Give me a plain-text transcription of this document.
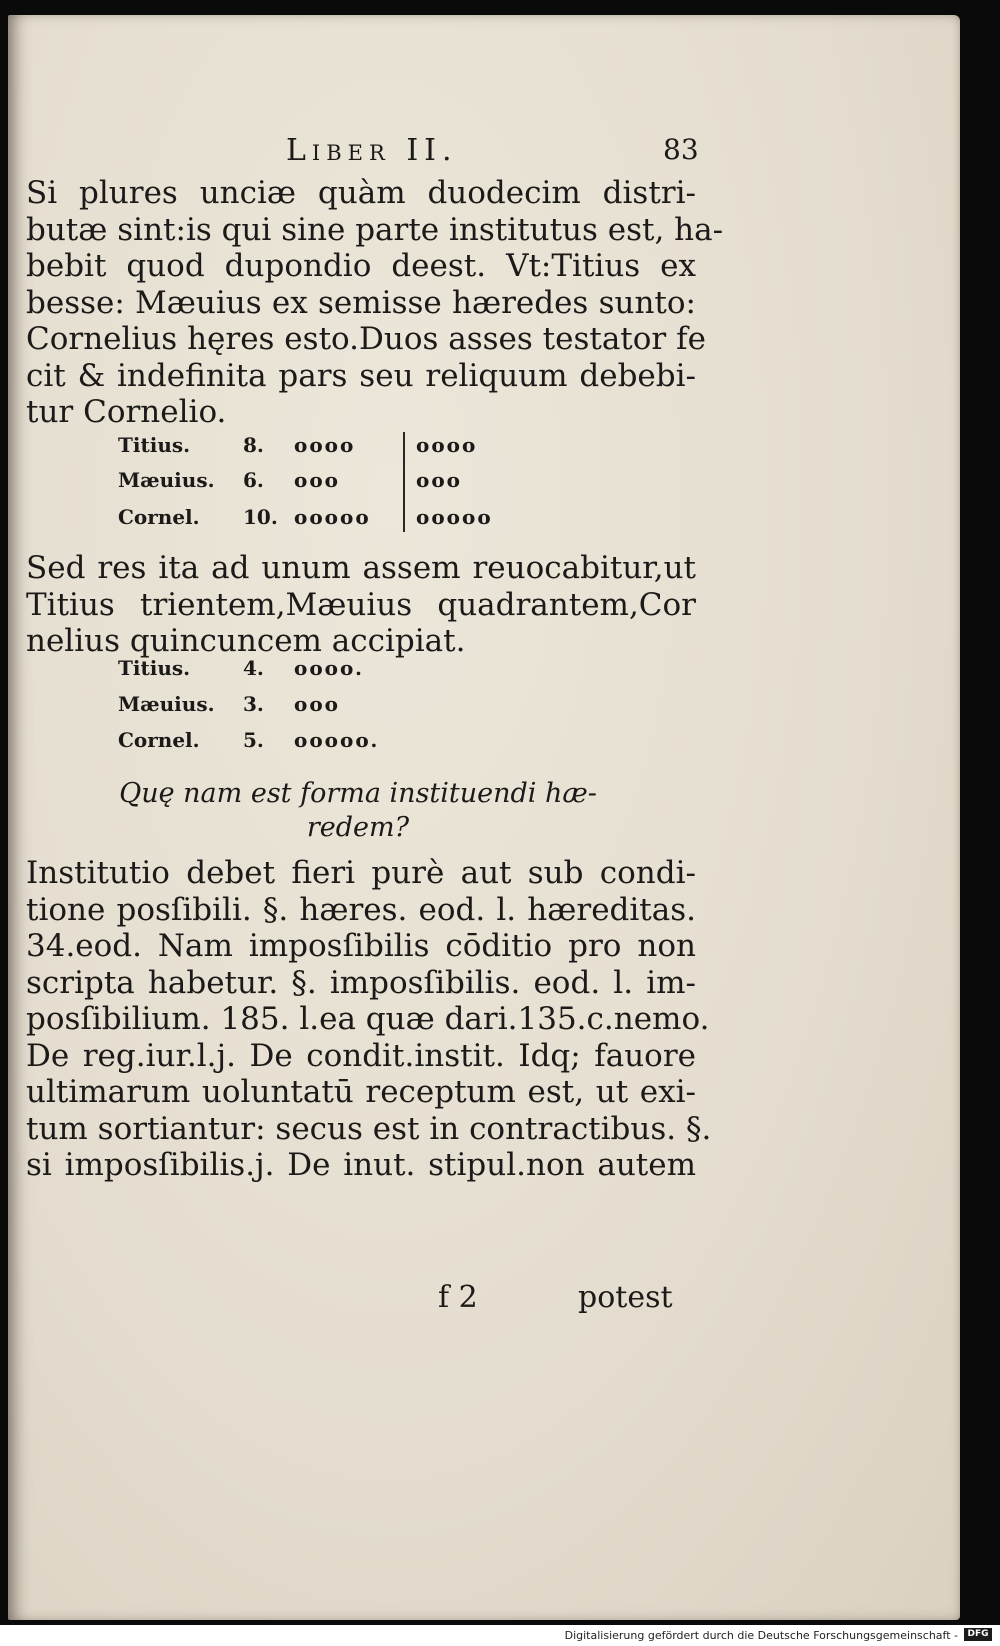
Liber II.	83
Si plures unciæ quàm duodecim distri-
butæ sint:is qui sine parte institutus est, ha-
bebit quod dupondio deest. Vt:Titius ex
besse: Mæuius ex semisse hæredes sunto:
Cornelius hęres esto.Duos asses testator fe
cit & indefinita pars seu reliquum debebi-
tur Cornelio.
Titius.	8.	oooo	oooo
Mæuius.	6.	ooo	ooo
Cornel.	10. ooooo	ooooo
Sed res ita ad unum assem reuocabitur,ut
Titius trientem,Mæuius quadrantem,Cor
nelius quincuncem accipiat.
Titius.	4.	oooo.
Mæuius.	3.	ooo
Cornel.	5.	ooooo.
Quę nam est forma instituendi hæ-
redem?
Institutio debet fieri purè aut sub condi-
tione posſibili. §. hæres. eod. l. hæreditas.
34.eod. Nam imposſibilis cōditio pro non
scripta habetur. §. imposſibilis. eod. l. im-
posſibilium. 185. l.ea quæ dari.135.c.nemo.
De reg.iur.l.j. De condit.instit. Idq; fauore
ultimarum uoluntatū receptum est, ut exi-
tum sortiantur: secus est in contractibus. §.
si imposſibilis.j. De inut. stipul.non autem
f 2	potest
Digitalisierung gefördert durch die Deutsche Forschungsgemeinschaft -	DFG
